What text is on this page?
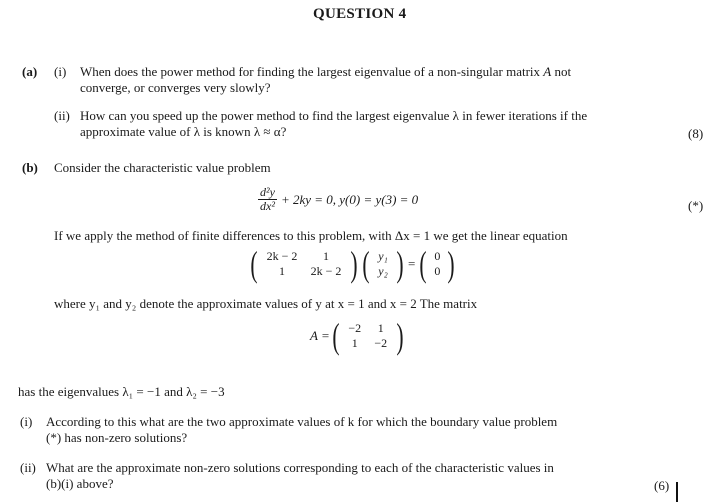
QUESTION 4
(a) (i) When does the power method for finding the largest eigenvalue of a non-singular matrix A not
converge, or converges very slowly?
(ii) How can you speed up the power method to find the largest eigenvalue λ in fewer iterations if the
approximate value of λ is known λ ≈ α?	(8)
(b) Consider the characteristic value problem
$\frac{\text{d²y}}{\text{dx²}} + 2ky = 0$, y(0) = y(3) = 0	(*)
If we apply the method of finite differences to this problem, with Δx = 1 we get the linear equation
( 2k − 2	1
1	2k − 2 ) ( y₁
y₂ ) = ( 0
0 )
where y₁ and y₂ denote the approximate values of y at x = 1 and x = 2 The matrix
A = ( −2	1
1	−2 )
has the eigenvalues λ₁ = −1 and λ₂ = −3
(i) According to this what are the two approximate values of k for which the boundary value problem
(*) has non-zero solutions?
(ii) What are the approximate non-zero solutions corresponding to each of the characteristic values in
(b)(i) above?	(6)
